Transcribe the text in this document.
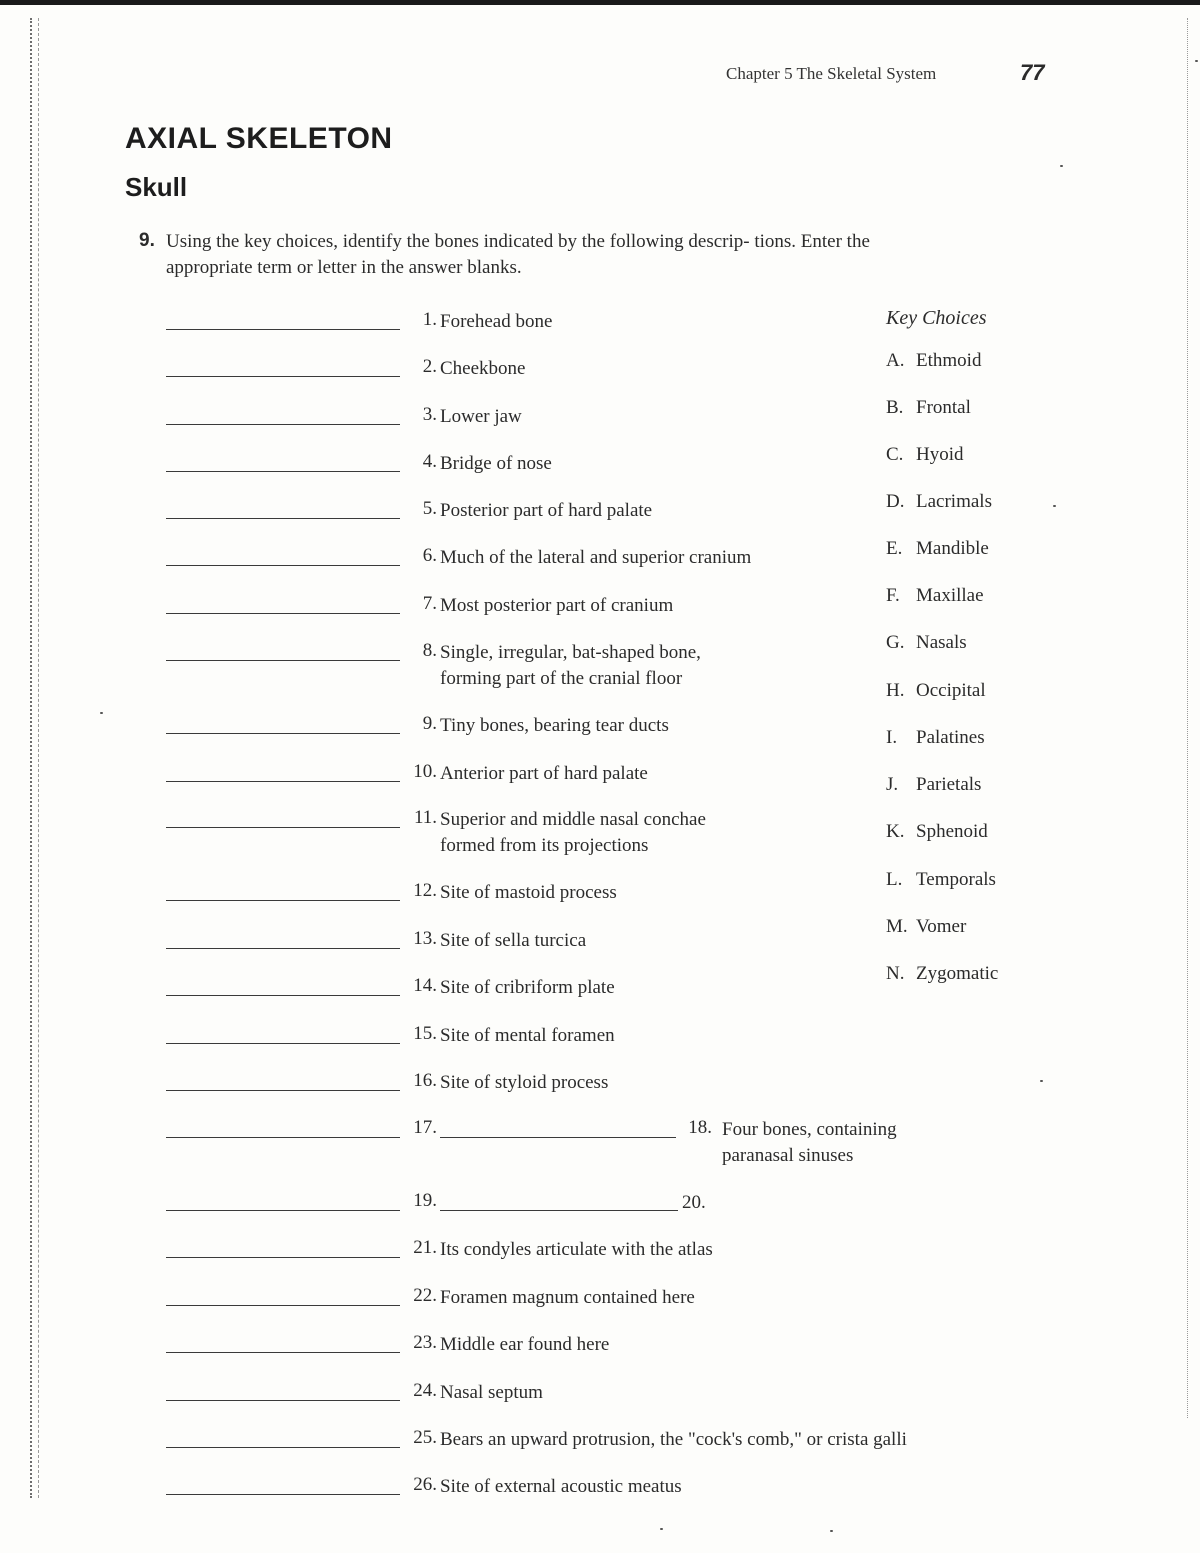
Chapter 5 The Skeletal System	77
AXIAL SKELETON
Skull
9. Using the key choices, identify the bones indicated by the following descrip- tions. Enter the appropriate term or letter in the answer blanks.
1. Forehead bone
2. Cheekbone
3. Lower jaw
4. Bridge of nose
5. Posterior part of hard palate
6. Much of the lateral and superior cranium
7. Most posterior part of cranium
8. Single, irregular, bat-shaped bone,
forming part of the cranial floor
9. Tiny bones, bearing tear ducts
10. Anterior part of hard palate
11. Superior and middle nasal conchae
formed from its projections
12. Site of mastoid process
13. Site of sella turcica
14. Site of cribriform plate
15. Site of mental foramen
16. Site of styloid process
17.	18. Four bones, containing
paranasal sinuses
19.	20.
21. Its condyles articulate with the atlas
22. Foramen magnum contained here
23. Middle ear found here
24. Nasal septum
25. Bears an upward protrusion, the "cock's comb," or crista galli
26. Site of external acoustic meatus
Key Choices
A. Ethmoid
B. Frontal
C. Hyoid
D. Lacrimals
E. Mandible
F. Maxillae
G. Nasals
H. Occipital
I. Palatines
J. Parietals
K. Sphenoid
L. Temporals
M. Vomer
N. Zygomatic
